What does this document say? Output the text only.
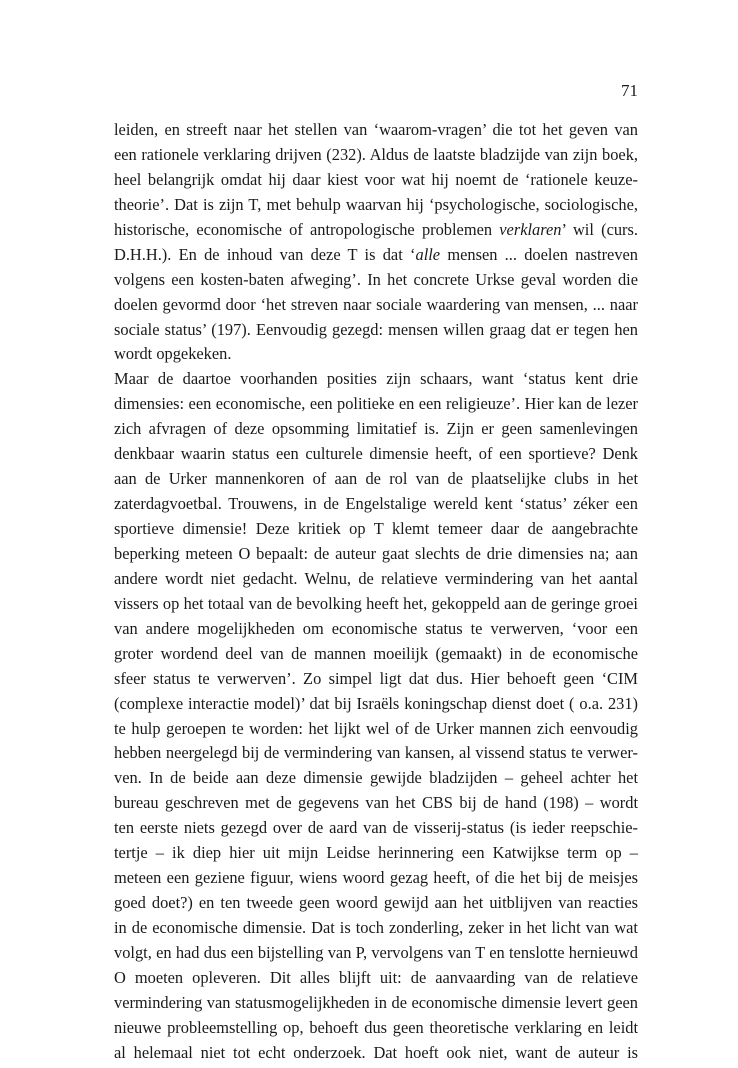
71
leiden, en streeft naar het stellen van ‘waarom-vragen’ die tot het geven van
een rationele verklaring drijven (232). Aldus de laatste bladzijde van zijn boek,
heel belangrijk omdat hij daar kiest voor wat hij noemt de ‘rationele keuze-
theorie’. Dat is zijn T, met behulp waarvan hij ‘psychologische, sociologische,
historische, economische of antropologische problemen verklaren’ wil (curs.
D.H.H.). En de inhoud van deze T is dat ‘alle mensen ... doelen nastreven
volgens een kosten-baten afweging’. In het concrete Urkse geval worden die
doelen gevormd door ‘het streven naar sociale waardering van mensen, ... naar
sociale status’ (197). Eenvoudig gezegd: mensen willen graag dat er tegen hen
wordt opgekeken.
Maar de daartoe voorhanden posities zijn schaars, want ‘status kent drie
dimensies: een economische, een politieke en een religieuze’. Hier kan de lezer
zich afvragen of deze opsomming limitatief is. Zijn er geen samenlevingen
denkbaar waarin status een culturele dimensie heeft, of een sportieve? Denk
aan de Urker mannenkoren of aan de rol van de plaatselijke clubs in het
zaterdagvoetbal. Trouwens, in de Engelstalige wereld kent ‘status’ zéker een
sportieve dimensie! Deze kritiek op T klemt temeer daar de aangebrachte
beperking meteen O bepaalt: de auteur gaat slechts de drie dimensies na; aan
andere wordt niet gedacht. Welnu, de relatieve vermindering van het aantal
vissers op het totaal van de bevolking heeft het, gekoppeld aan de geringe groei
van andere mogelijkheden om economische status te verwerven, ‘voor een
groter wordend deel van de mannen moeilijk (gemaakt) in de economische
sfeer status te verwerven’. Zo simpel ligt dat dus. Hier behoeft geen ‘CIM
(complexe interactie model)’ dat bij Israëls koningschap dienst doet ( o.a. 231)
te hulp geroepen te worden: het lijkt wel of de Urker mannen zich eenvoudig
hebben neergelegd bij de vermindering van kansen, al vissend status te verwer-
ven. In de beide aan deze dimensie gewijde bladzijden – geheel achter het
bureau geschreven met de gegevens van het CBS bij de hand (198) – wordt
ten eerste niets gezegd over de aard van de visserij-status (is ieder reepschie-
tertje – ik diep hier uit mijn Leidse herinnering een Katwijkse term op –
meteen een geziene figuur, wiens woord gezag heeft, of die het bij de meisjes
goed doet?) en ten tweede geen woord gewijd aan het uitblijven van reacties
in de economische dimensie. Dat is toch zonderling, zeker in het licht van wat
volgt, en had dus een bijstelling van P, vervolgens van T en tenslotte hernieuwd
O moeten opleveren. Dit alles blijft uit: de aanvaarding van de relatieve
vermindering van statusmogelijkheden in de economische dimensie levert geen
nieuwe probleemstelling op, behoeft dus geen theoretische verklaring en leidt
al helemaal niet tot echt onderzoek. Dat hoeft ook niet, want de auteur is
